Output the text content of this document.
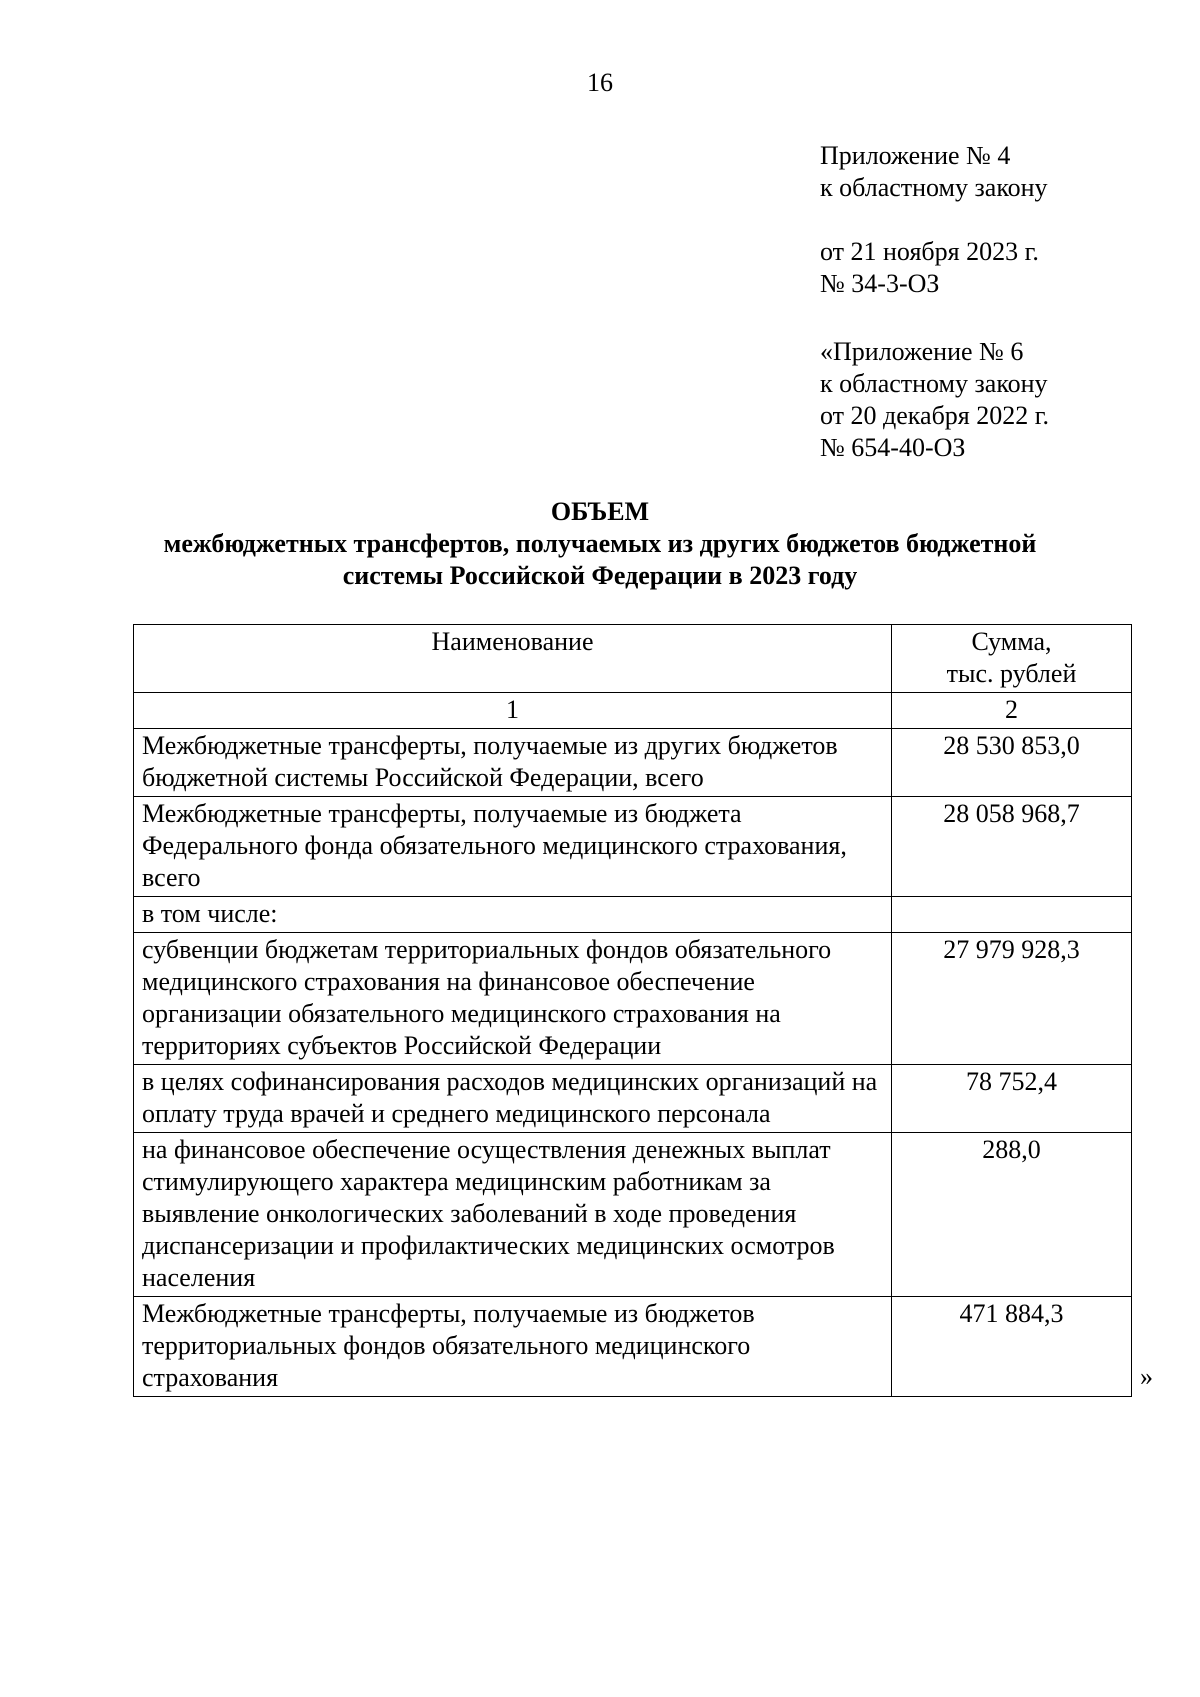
16
Приложение № 4
к областному закону
от 21 ноября 2023 г.
№ 34-3-ОЗ
«Приложение № 6
к областному закону
от 20 декабря 2022 г.
№ 654-40-ОЗ
ОБЪЕМ
межбюджетных трансфертов, получаемых из других бюджетов бюджетной
системы Российской Федерации в 2023 году
Наименование	Сумма,
тыс. рублей

1	2
Межбюджетные трансферты, получаемые из других бюджетов бюджетной системы Российской Федерации, всего	28 530 853,0
Межбюджетные трансферты, получаемые из бюджета Федерального фонда обязательного медицинского страхования, всего	28 058 968,7
в том числе:	
субвенции бюджетам территориальных фондов обязательного медицинского страхования на финансовое обеспечение организации обязательного медицинского страхования на территориях субъектов Российской Федерации	27 979 928,3
в целях софинансирования расходов медицинских организаций на оплату труда врачей и среднего медицинского персонала	78 752,4
на финансовое обеспечение осуществления денежных выплат стимулирующего характера медицинским работникам за выявление онкологических заболеваний в ходе проведения диспансеризации и профилактических медицинских осмотров населения	288,0
Межбюджетные трансферты, получаемые из бюджетов территориальных фондов обязательного медицинского страхования	471 884,3
»
